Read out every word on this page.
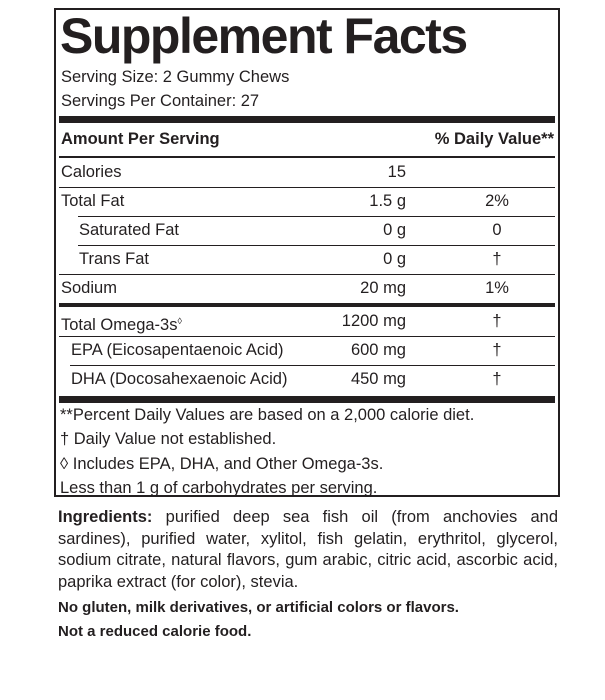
Supplement Facts
Serving Size: 2 Gummy Chews
Servings Per Container: 27
Amount Per Serving	% Daily Value**
Calories	15
Total Fat	1.5 g	2%
Saturated Fat	0 g	0
Trans Fat	0 g	†
Sodium	20 mg	1%
Total Omega-3s◊	1200 mg	†
EPA (Eicosapentaenoic Acid)	600 mg	†
DHA (Docosahexaenoic Acid)	450 mg	†
**Percent Daily Values are based on a 2,000 calorie diet.
† Daily Value not established.
◊ Includes EPA, DHA, and Other Omega-3s.
Less than 1 g of carbohydrates per serving.
Ingredients: purified deep sea fish oil (from anchovies and sardines), purified water, xylitol, fish gelatin, erythritol, glycerol, sodium citrate, natural flavors, gum arabic, citric acid, ascorbic acid, paprika extract (for color), stevia.
No gluten, milk derivatives, or artificial colors or flavors.
Not a reduced calorie food.
